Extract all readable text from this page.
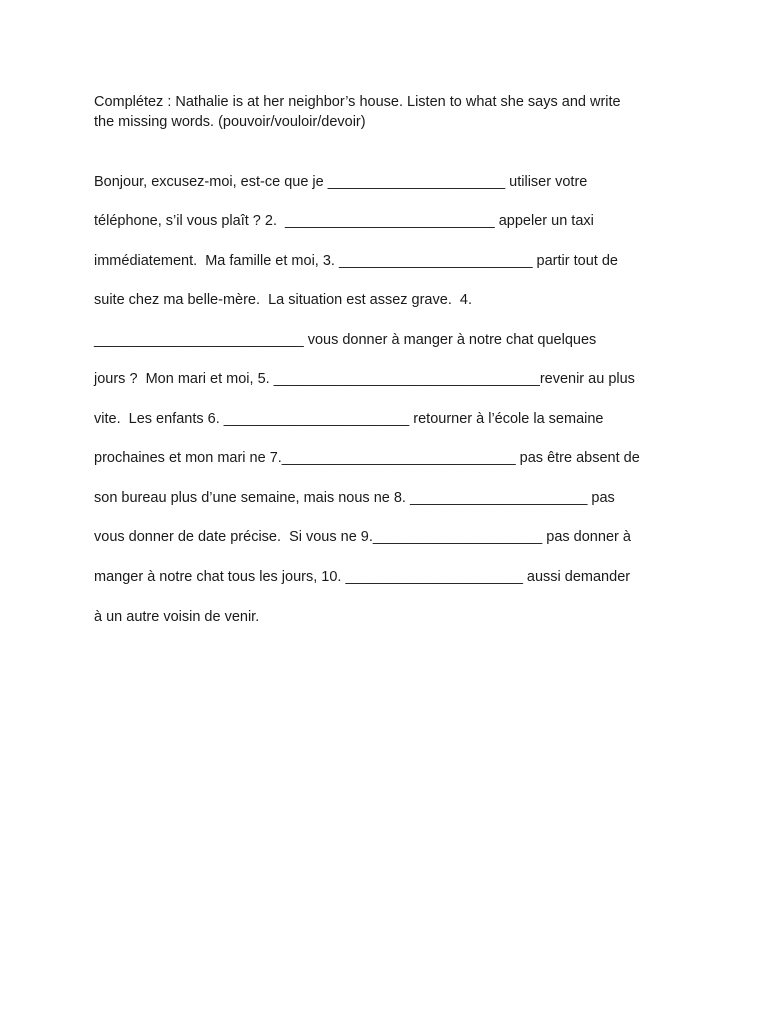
Complétez : Nathalie is at her neighbor’s house. Listen to what she says and write
the missing words. (pouvoir/vouloir/devoir)
Bonjour, excusez-moi, est-ce que je ______________________ utiliser votre
téléphone, s’il vous plaît ? 2.  __________________________ appeler un taxi
immédiatement.  Ma famille et moi, 3. ________________________ partir tout de
suite chez ma belle-mère.  La situation est assez grave.  4.
__________________________ vous donner à manger à notre chat quelques
jours ?  Mon mari et moi, 5. _________________________________revenir au plus
vite.  Les enfants 6. _______________________ retourner à l’école la semaine
prochaines et mon mari ne 7._____________________________ pas être absent de
son bureau plus d’une semaine, mais nous ne 8. ______________________ pas
vous donner de date précise.  Si vous ne 9._____________________ pas donner à
manger à notre chat tous les jours, 10. ______________________ aussi demander
à un autre voisin de venir.
